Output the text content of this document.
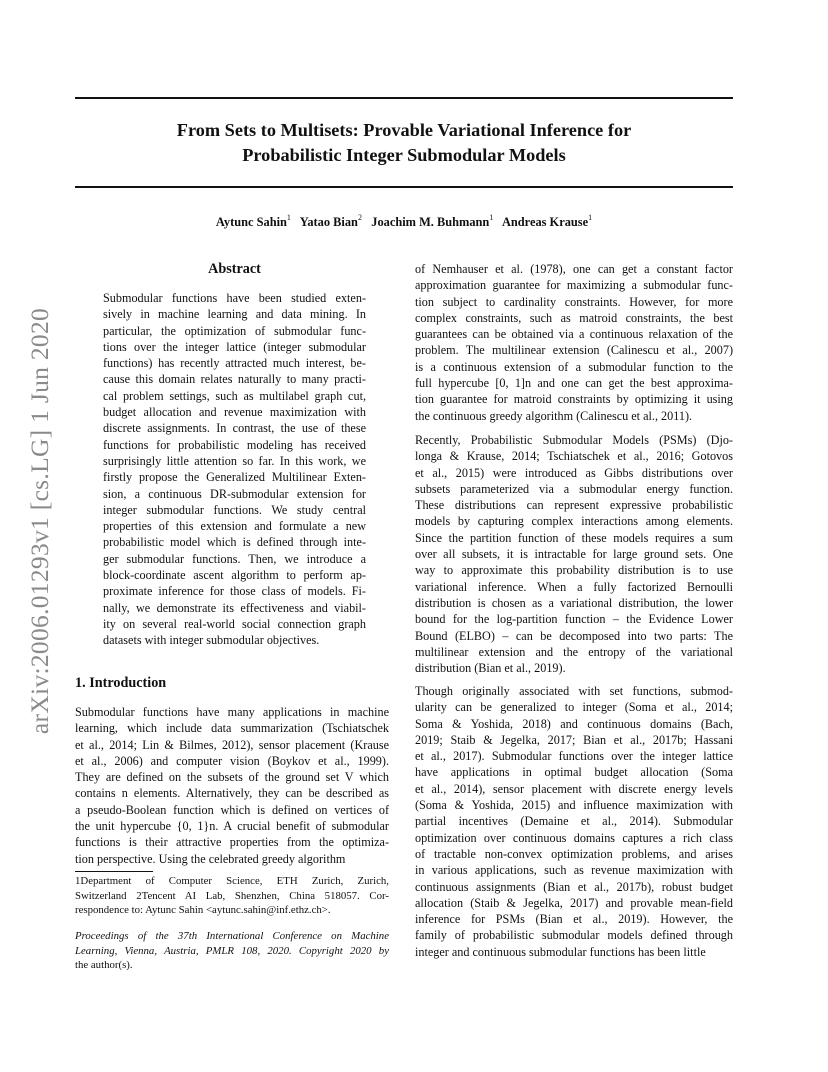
From Sets to Multisets: Provable Variational Inference for
Probabilistic Integer Submodular Models
Aytunc Sahin$^1$ Yatao Bian$^2$ Joachim M. Buhmann$^1$ Andreas Krause$^1$
arXiv:2006.01293v1 [cs.LG] 1 Jun 2020
Abstract
Submodular functions have been studied exten-
sively in machine learning and data mining. In
particular, the optimization of submodular func-
tions over the integer lattice (integer submodular
functions) has recently attracted much interest, be-
cause this domain relates naturally to many practi-
cal problem settings, such as multilabel graph cut,
budget allocation and revenue maximization with
discrete assignments. In contrast, the use of these
functions for probabilistic modeling has received
surprisingly little attention so far. In this work, we
firstly propose the Generalized Multilinear Exten-
sion, a continuous DR-submodular extension for
integer submodular functions. We study central
properties of this extension and formulate a new
probabilistic model which is defined through inte-
ger submodular functions. Then, we introduce a
block-coordinate ascent algorithm to perform ap-
proximate inference for those class of models. Fi-
nally, we demonstrate its effectiveness and viabil-
ity on several real-world social connection graph
datasets with integer submodular objectives.
1. Introduction
Submodular functions have many applications in machine
learning, which include data summarization (Tschiatschek
et al., 2014; Lin & Bilmes, 2012), sensor placement (Krause
et al., 2006) and computer vision (Boykov et al., 1999).
They are defined on the subsets of the ground set V which
contains n elements. Alternatively, they can be described as
a pseudo-Boolean function which is defined on vertices of
the unit hypercube {0, 1}n. A crucial benefit of submodular
functions is their attractive properties from the optimiza-
tion perspective. Using the celebrated greedy algorithm
1Department of Computer Science, ETH Zurich, Zurich,
Switzerland 2Tencent AI Lab, Shenzhen, China 518057. Cor-
respondence to: Aytunc Sahin <aytunc.sahin@inf.ethz.ch>.
Proceedings of the 37th International Conference on Machine
Learning, Vienna, Austria, PMLR 108, 2020. Copyright 2020 by
the author(s).
of Nemhauser et al. (1978), one can get a constant factor
approximation guarantee for maximizing a submodular func-
tion subject to cardinality constraints. However, for more
complex constraints, such as matroid constraints, the best
guarantees can be obtained via a continuous relaxation of the
problem. The multilinear extension (Calinescu et al., 2007)
is a continuous extension of a submodular function to the
full hypercube [0, 1]n and one can get the best approxima-
tion guarantee for matroid constraints by optimizing it using
the continuous greedy algorithm (Calinescu et al., 2011).
Recently, Probabilistic Submodular Models (PSMs) (Djo-
longa & Krause, 2014; Tschiatschek et al., 2016; Gotovos
et al., 2015) were introduced as Gibbs distributions over
subsets parameterized via a submodular energy function.
These distributions can represent expressive probabilistic
models by capturing complex interactions among elements.
Since the partition function of these models requires a sum
over all subsets, it is intractable for large ground sets. One
way to approximate this probability distribution is to use
variational inference. When a fully factorized Bernoulli
distribution is chosen as a variational distribution, the lower
bound for the log-partition function – the Evidence Lower
Bound (ELBO) – can be decomposed into two parts: The
multilinear extension and the entropy of the variational
distribution (Bian et al., 2019).
Though originally associated with set functions, submod-
ularity can be generalized to integer (Soma et al., 2014;
Soma & Yoshida, 2018) and continuous domains (Bach,
2019; Staib & Jegelka, 2017; Bian et al., 2017b; Hassani
et al., 2017). Submodular functions over the integer lattice
have applications in optimal budget allocation (Soma
et al., 2014), sensor placement with discrete energy levels
(Soma & Yoshida, 2015) and influence maximization with
partial incentives (Demaine et al., 2014). Submodular
optimization over continuous domains captures a rich class
of tractable non-convex optimization problems, and arises
in various applications, such as revenue maximization with
continuous assignments (Bian et al., 2017b), robust budget
allocation (Staib & Jegelka, 2017) and provable mean-field
inference for PSMs (Bian et al., 2019). However, the
family of probabilistic submodular models defined through
integer and continuous submodular functions has been little
